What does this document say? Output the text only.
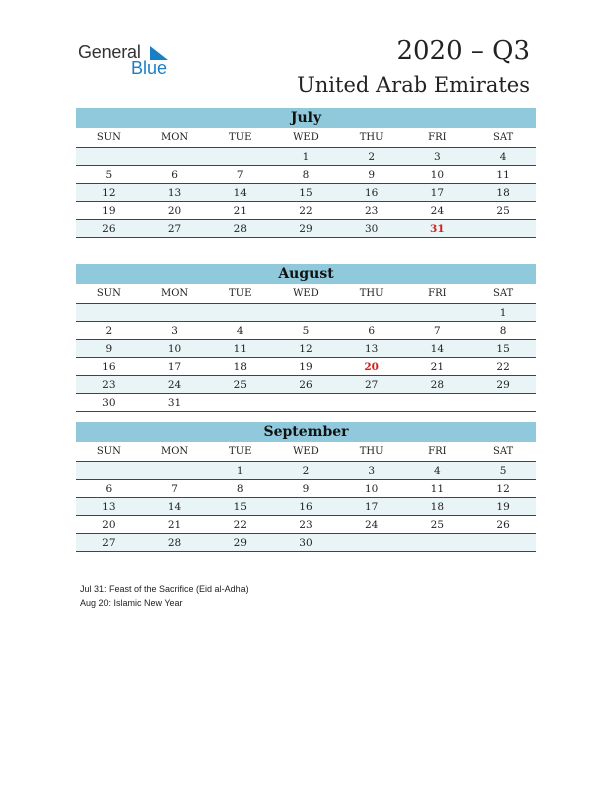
General
Blue
2020 – Q3
United Arab Emirates
July
SUN	MON	TUE	WED	THU	FRI	SAT
			1	2	3	4
5	6	7	8	9	10	11
12	13	14	15	16	17	18
19	20	21	22	23	24	25
26	27	28	29	30	31	
August
SUN	MON	TUE	WED	THU	FRI	SAT
						1
2	3	4	5	6	7	8
9	10	11	12	13	14	15
16	17	18	19	20	21	22
23	24	25	26	27	28	29
30	31					
September
SUN	MON	TUE	WED	THU	FRI	SAT
		1	2	3	4	5
6	7	8	9	10	11	12
13	14	15	16	17	18	19
20	21	22	23	24	25	26
27	28	29	30			
Jul 31: Feast of the Sacrifice (Eid al-Adha)
Aug 20: Islamic New Year
